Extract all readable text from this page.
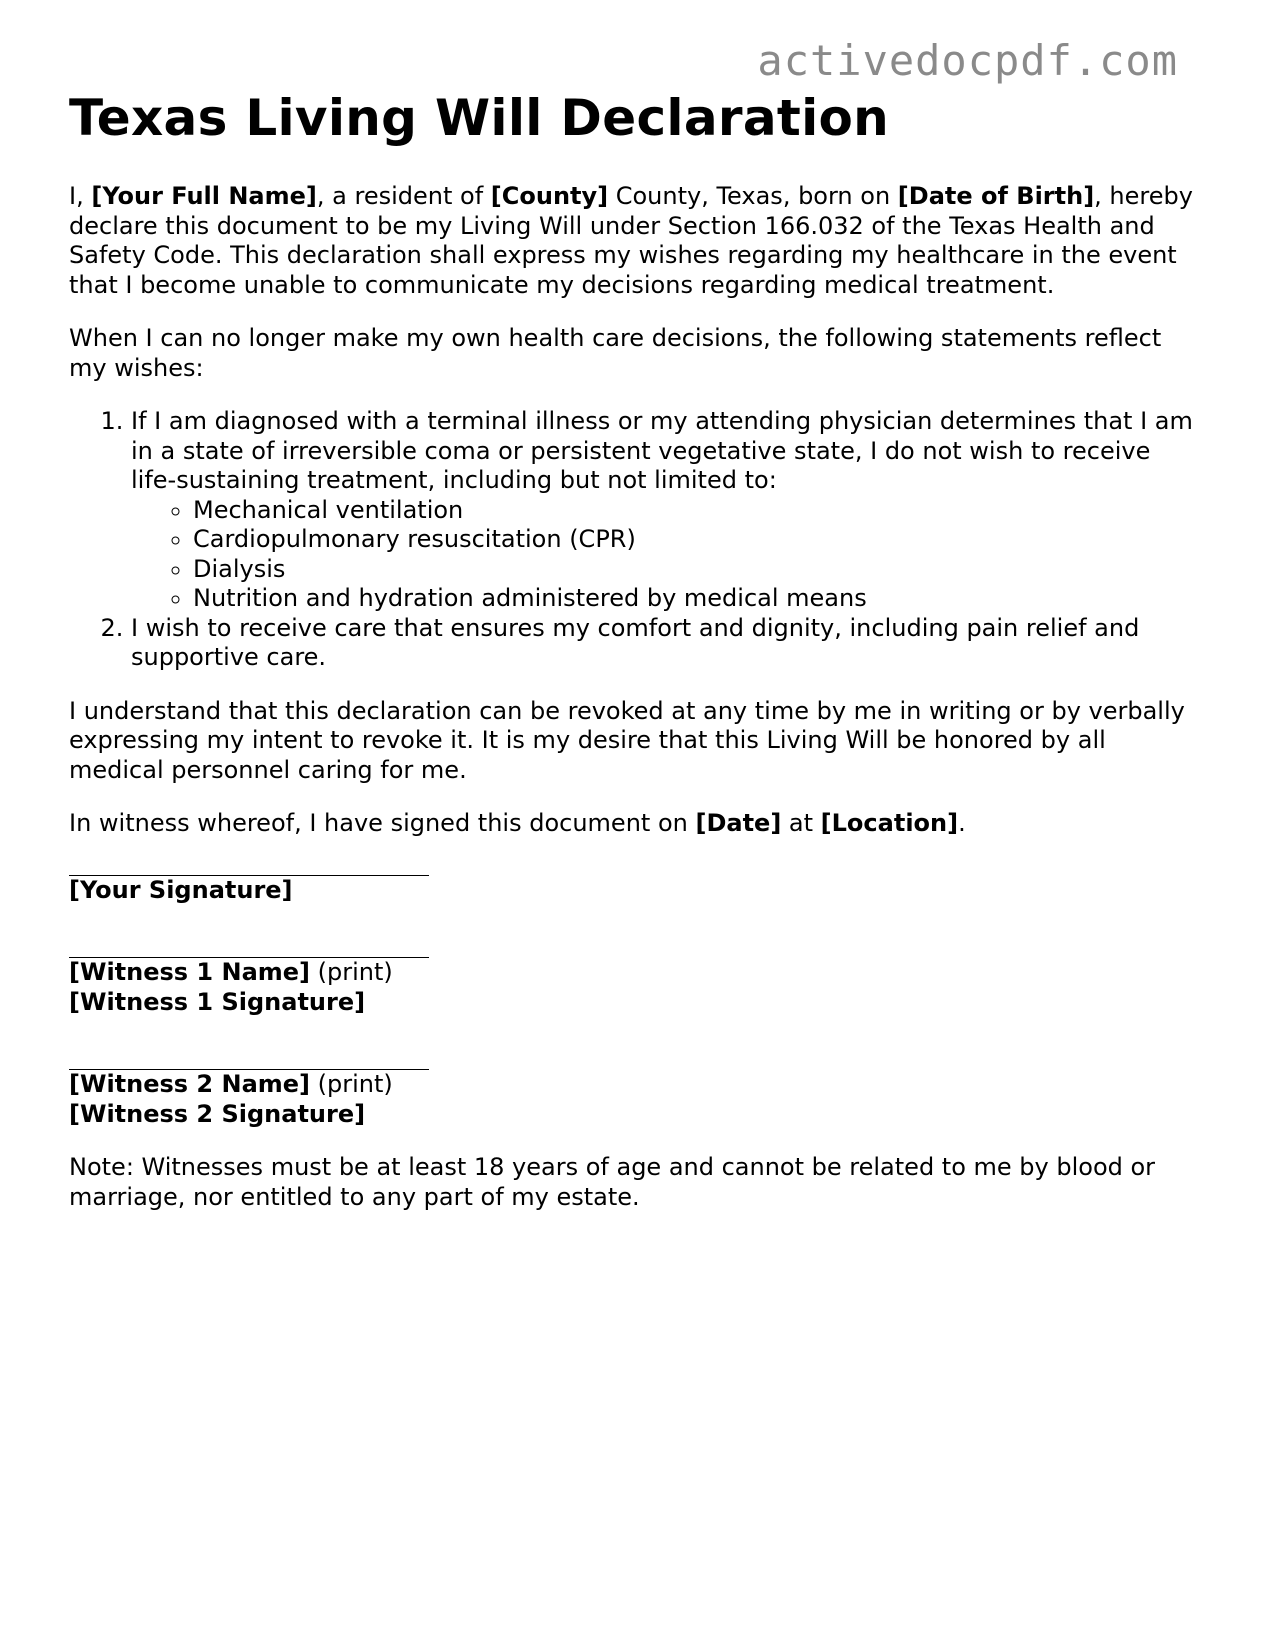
activedocpdf.com
Texas Living Will Declaration

I, [Your Full Name], a resident of [County] County, Texas, born on [Date of Birth], hereby declare this document to be my Living Will under Section 166.032 of the Texas Health and Safety Code. This declaration shall express my wishes regarding my healthcare in the event that I become unable to communicate my decisions regarding medical treatment.

When I can no longer make my own health care decisions, the following statements reflect my wishes:

1. If I am diagnosed with a terminal illness or my attending physician determines that I am in a state of irreversible coma or persistent vegetative state, I do not wish to receive life-sustaining treatment, including but not limited to:
◦ Mechanical ventilation
◦ Cardiopulmonary resuscitation (CPR)
◦ Dialysis
◦ Nutrition and hydration administered by medical means
2. I wish to receive care that ensures my comfort and dignity, including pain relief and supportive care.

I understand that this declaration can be revoked at any time by me in writing or by verbally expressing my intent to revoke it. It is my desire that this Living Will be honored by all medical personnel caring for me.

In witness whereof, I have signed this document on [Date] at [Location].

[Your Signature]
[Witness 1 Name] (print)
[Witness 1 Signature]
[Witness 2 Name] (print)
[Witness 2 Signature]

Note: Witnesses must be at least 18 years of age and cannot be related to me by blood or marriage, nor entitled to any part of my estate.
